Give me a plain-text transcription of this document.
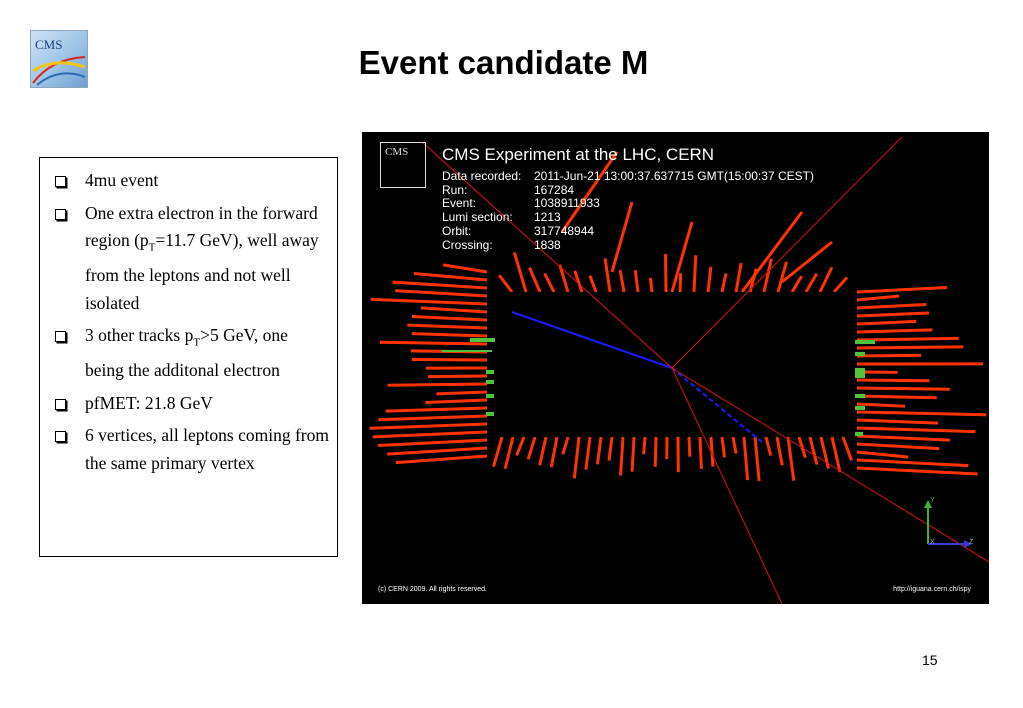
CMS	Event candidate M
4mu event
One extra electron in the forward region ($p_T=11.7$ GeV), well away from the leptons and not well isolated
3 other tracks $p_T>5$ GeV, one being the additonal electron
pfMET: 21.8 GeV
6 vertices, all leptons coming from the same primary vertex
Y
X	Z
CMS CMS Experiment at the LHC, CERN
Data recorded:	2011-Jun-21 13:00:37.637715 GMT(15:00:37 CEST)
Run:	167284
Event:	1038911933
Lumi section:	1213
Orbit:	317748944
Crossing:	1838
(c) CERN 2009. All rights reserved.	http://iguana.cern.ch/ispy
15
